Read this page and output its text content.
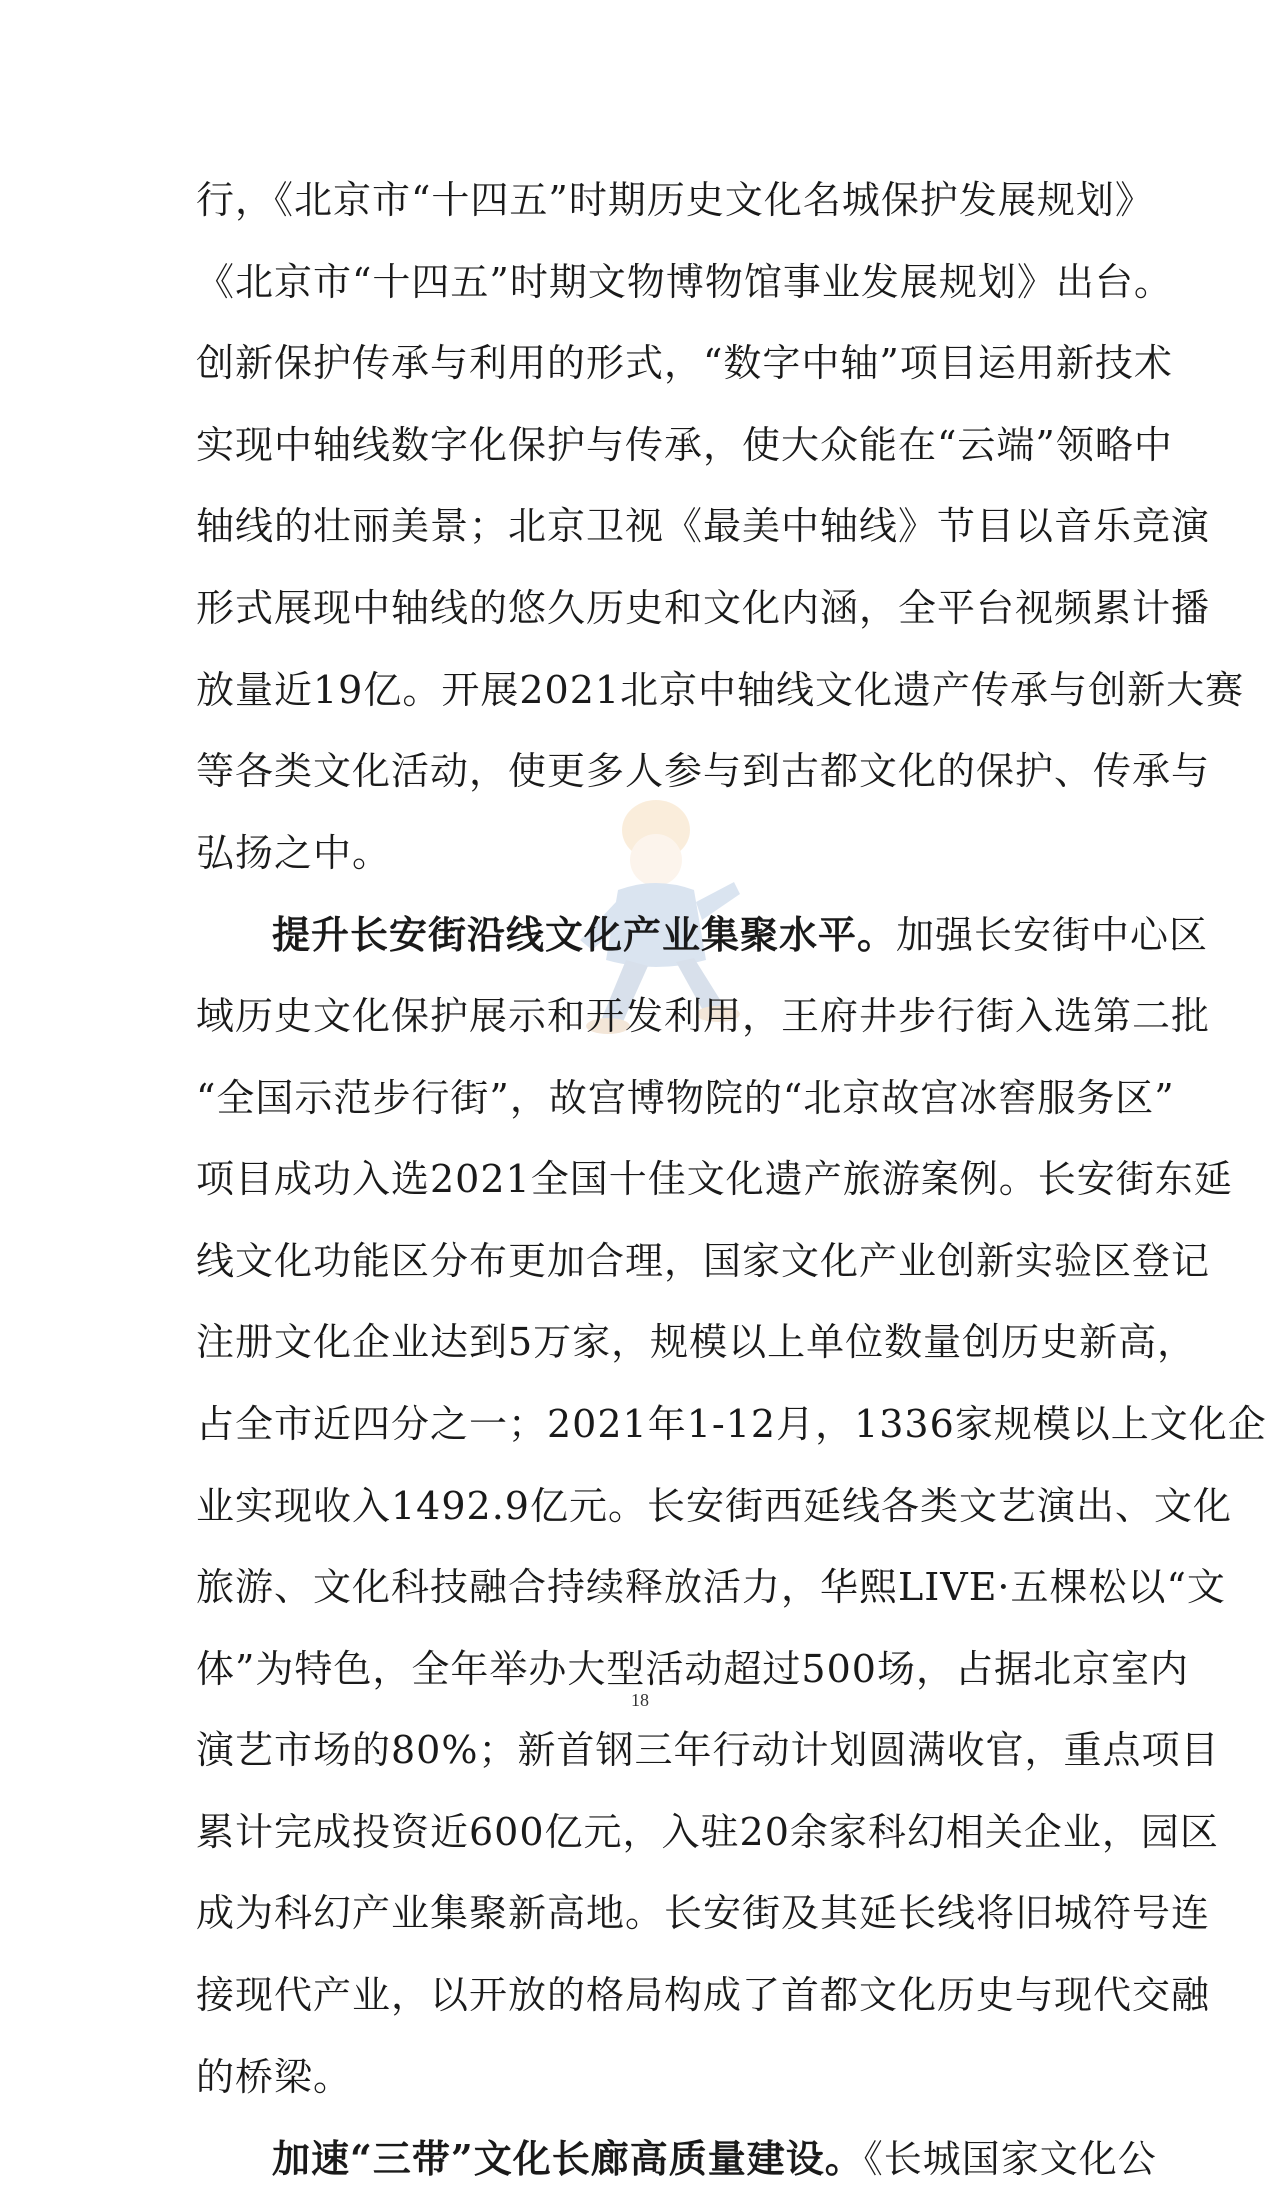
行，《北京市“十四五”时期历史文化名城保护发展规划》
《北京市“十四五”时期文物博物馆事业发展规划》出台。
创新保护传承与利用的形式，“数字中轴”项目运用新技术
实现中轴线数字化保护与传承，使大众能在“云端”领略中
轴线的壮丽美景；北京卫视《最美中轴线》节目以音乐竞演
形式展现中轴线的悠久历史和文化内涵，全平台视频累计播
放量近19亿。开展2021北京中轴线文化遗产传承与创新大赛
等各类文化活动，使更多人参与到古都文化的保护、传承与
弘扬之中。
提升长安街沿线文化产业集聚水平。加强长安街中心区
域历史文化保护展示和开发利用，王府井步行街入选第二批
“全国示范步行街”，故宫博物院的“北京故宫冰窖服务区”
项目成功入选2021全国十佳文化遗产旅游案例。长安街东延
线文化功能区分布更加合理，国家文化产业创新实验区登记
注册文化企业达到5万家，规模以上单位数量创历史新高，
占全市近四分之一；2021年1-12月，1336家规模以上文化企
业实现收入1492.9亿元。长安街西延线各类文艺演出、文化
旅游、文化科技融合持续释放活力，华熙LIVE·五棵松以“文
体”为特色，全年举办大型活动超过500场，占据北京室内
演艺市场的80%；新首钢三年行动计划圆满收官，重点项目
累计完成投资近600亿元，入驻20余家科幻相关企业，园区
成为科幻产业集聚新高地。长安街及其延长线将旧城符号连
接现代产业，以开放的格局构成了首都文化历史与现代交融
的桥梁。
加速“三带”文化长廊高质量建设。《长城国家文化公
18
